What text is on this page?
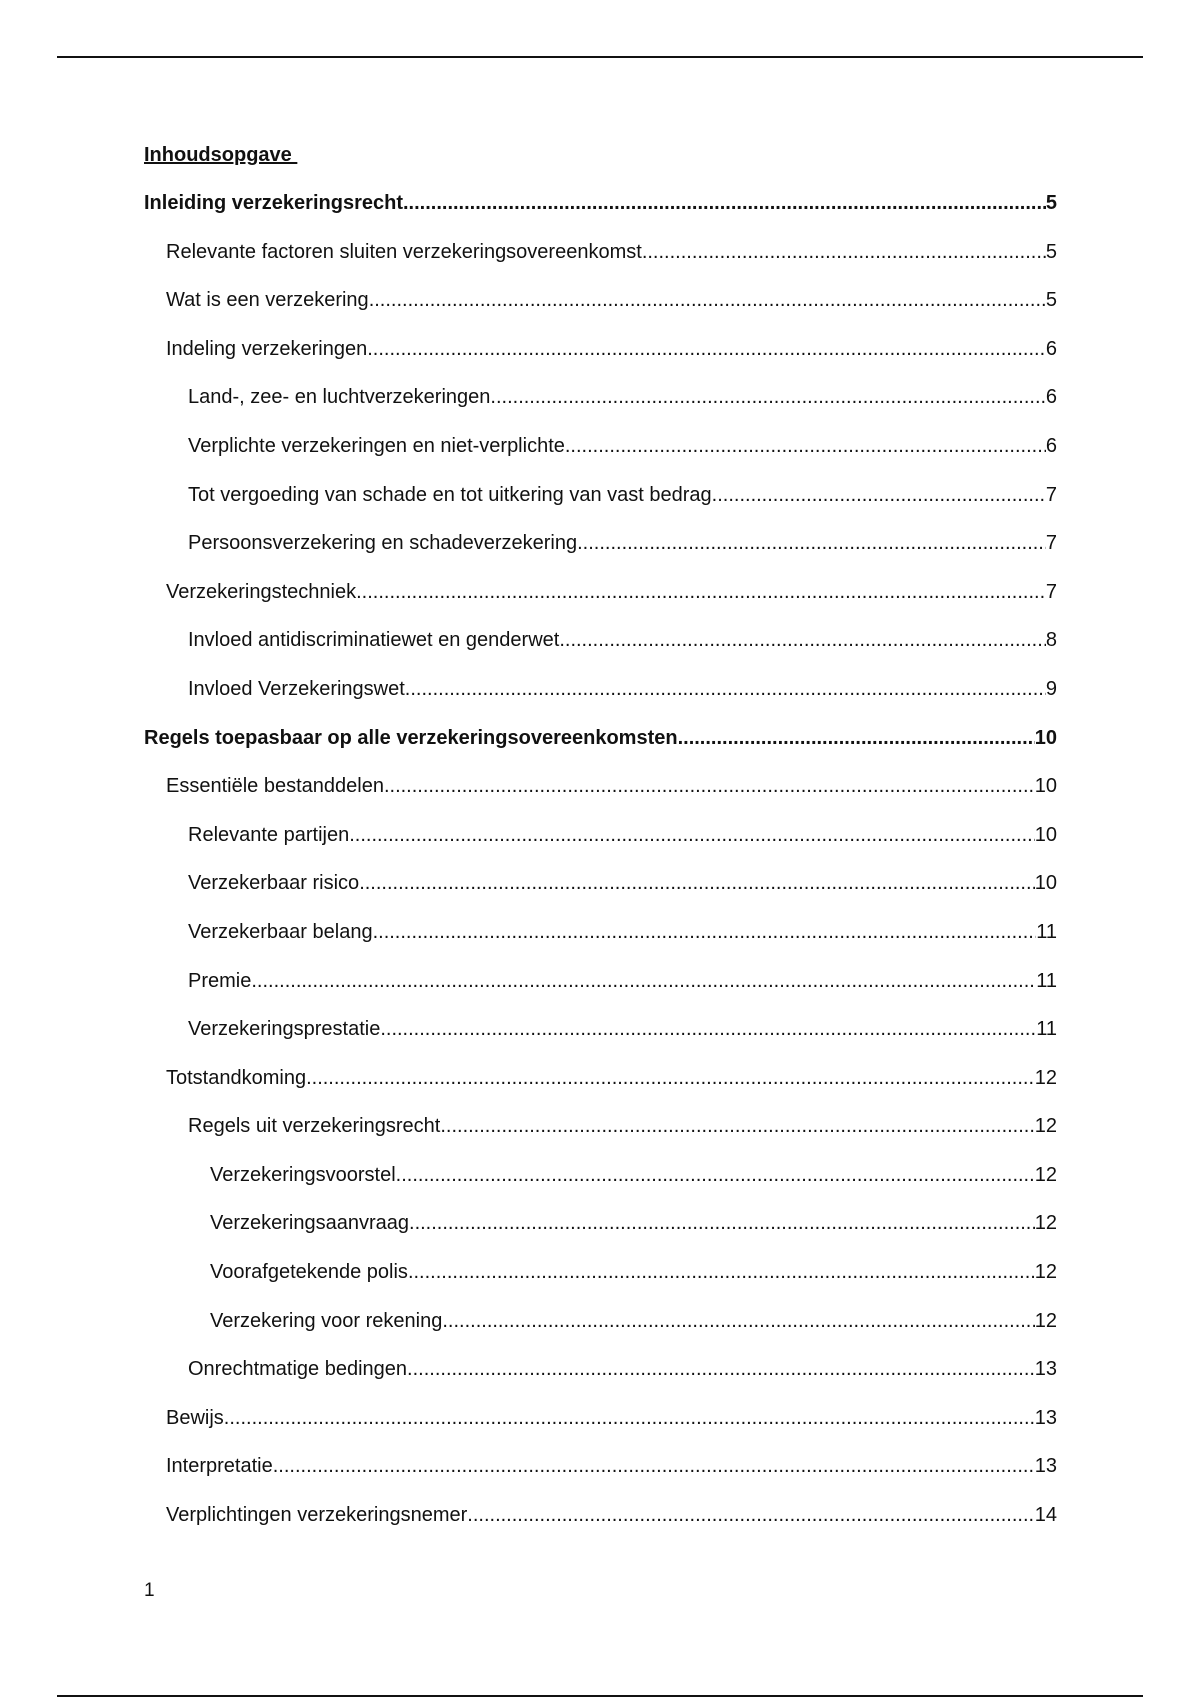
Inhoudsopgave
Inleiding verzekeringsrecht .....	5
Relevante factoren sluiten verzekeringsovereenkomst .....	5
Wat is een verzekering .....	5
Indeling verzekeringen .....	6
Land-, zee- en luchtverzekeringen .....	6
Verplichte verzekeringen en niet-verplichte .....	6
Tot vergoeding van schade en tot uitkering van vast bedrag .....	7
Persoonsverzekering en schadeverzekering .....	7
Verzekeringstechniek .....	7
Invloed antidiscriminatiewet en genderwet .....	8
Invloed Verzekeringswet .....	9
Regels toepasbaar op alle verzekeringsovereenkomsten .....	10
Essentiële bestanddelen .....	10
Relevante partijen .....	10
Verzekerbaar risico .....	10
Verzekerbaar belang .....	11
Premie .....	11
Verzekeringsprestatie .....	11
Totstandkoming .....	12
Regels uit verzekeringsrecht .....	12
Verzekeringsvoorstel .....	12
Verzekeringsaanvraag .....	12
Voorafgetekende polis .....	12
Verzekering voor rekening .....	12
Onrechtmatige bedingen .....	13
Bewijs .....	13
Interpretatie .....	13
Verplichtingen verzekeringsnemer .....	14

1
